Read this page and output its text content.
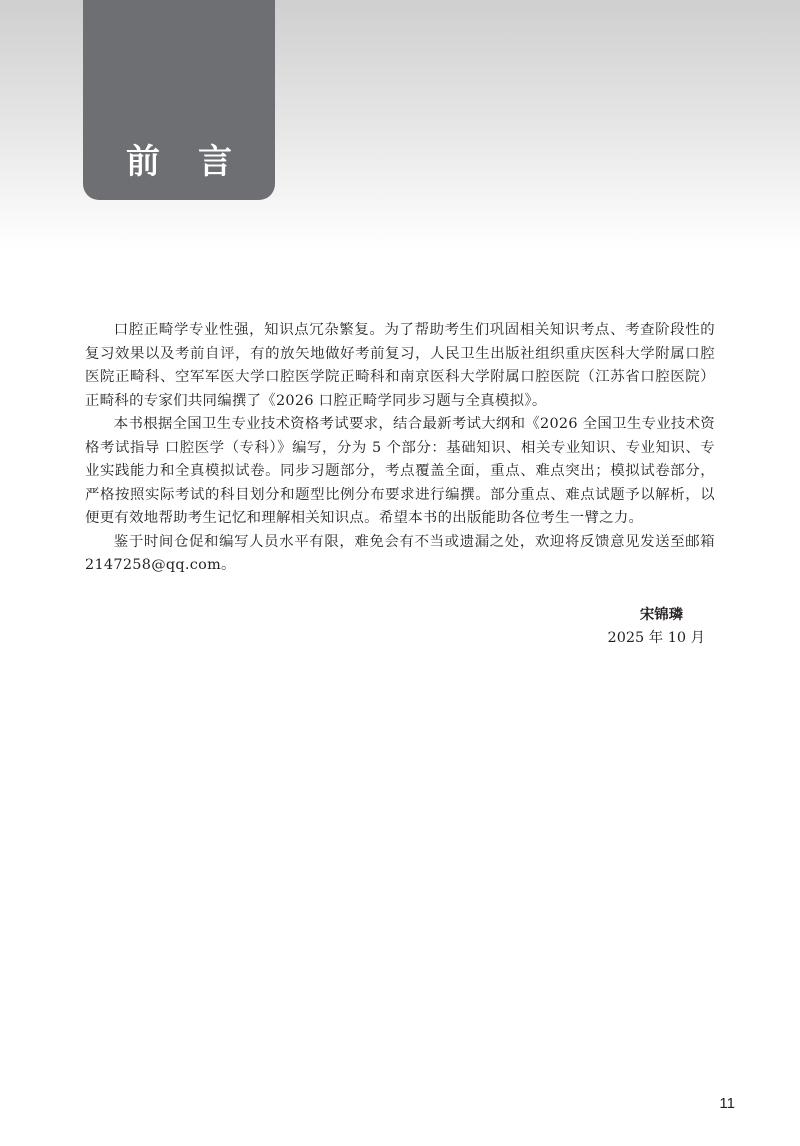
前言

口腔正畸学专业性强，知识点冗杂繁复。为了帮助考生们巩固相关知识考点、考查阶段性的复习效果以及考前自评，有的放矢地做好考前复习，人民卫生出版社组织重庆医科大学附属口腔医院正畸科、空军军医大学口腔医学院正畸科和南京医科大学附属口腔医院（江苏省口腔医院）正畸科的专家们共同编撰了《2026 口腔正畸学同步习题与全真模拟》。

本书根据全国卫生专业技术资格考试要求，结合最新考试大纲和《2026 全国卫生专业技术资格考试指导 口腔医学（专科）》编写，分为 5 个部分：基础知识、相关专业知识、专业知识、专业实践能力和全真模拟试卷。同步习题部分，考点覆盖全面，重点、难点突出；模拟试卷部分，严格按照实际考试的科目划分和题型比例分布要求进行编撰。部分重点、难点试题予以解析，以便更有效地帮助考生记忆和理解相关知识点。希望本书的出版能助各位考生一臂之力。

鉴于时间仓促和编写人员水平有限，难免会有不当或遗漏之处，欢迎将反馈意见发送至邮箱 2147258@qq.com。

宋锦璘
2025 年 10 月
11
